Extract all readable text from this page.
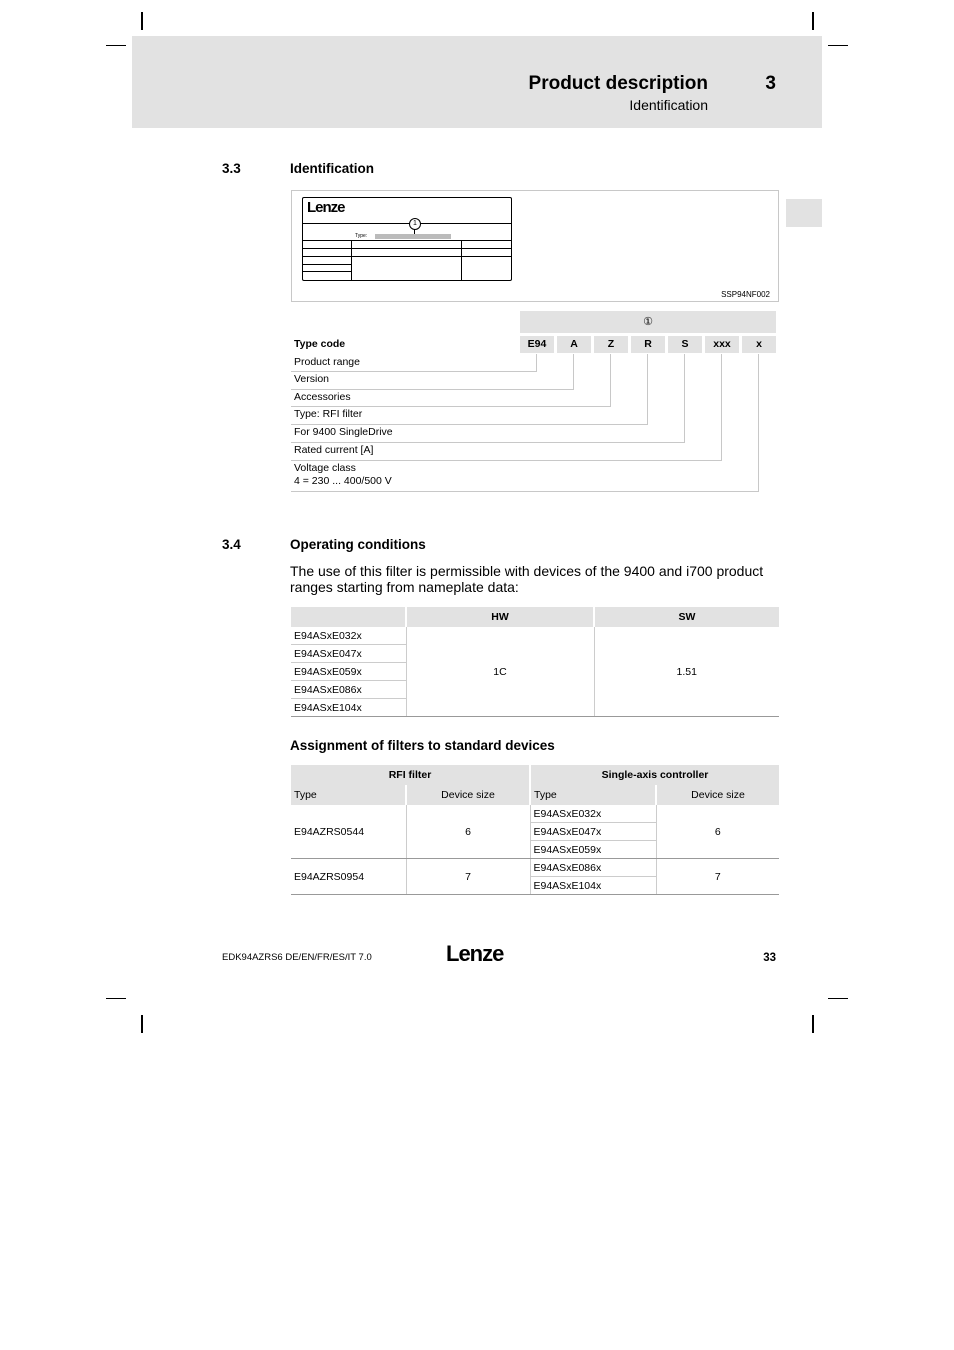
Product description	3
Identification
3.3	Identification
SSP94NF002
Lenze
1
Type:
①
Type code	E94	A	Z	R	S	xxx	x
Product range
Version
Accessories
Type: RFI filter
For 9400 SingleDrive
Rated current [A]
Voltage class
4 = 230 ... 400/500 V
3.4	Operating conditions
The use of this filter is permissible with devices of the 9400 and i700 product ranges starting from nameplate data:
	HW	SW
E94ASxE032x	1C	1.51
E94ASxE047x		
E94ASxE059x		
E94ASxE086x		
E94ASxE104x		
Assignment of filters to standard devices
RFI filter		Single-axis controller	
Type	Device size	Type	Device size
E94AZRS0544	6	E94ASxE032x	6
		E94ASxE047x	
		E94ASxE059x	
E94AZRS0954	7	E94ASxE086x	7
		E94ASxE104x	
EDK94AZRS6 DE/EN/FR/ES/IT 7.0	Lenze	33
